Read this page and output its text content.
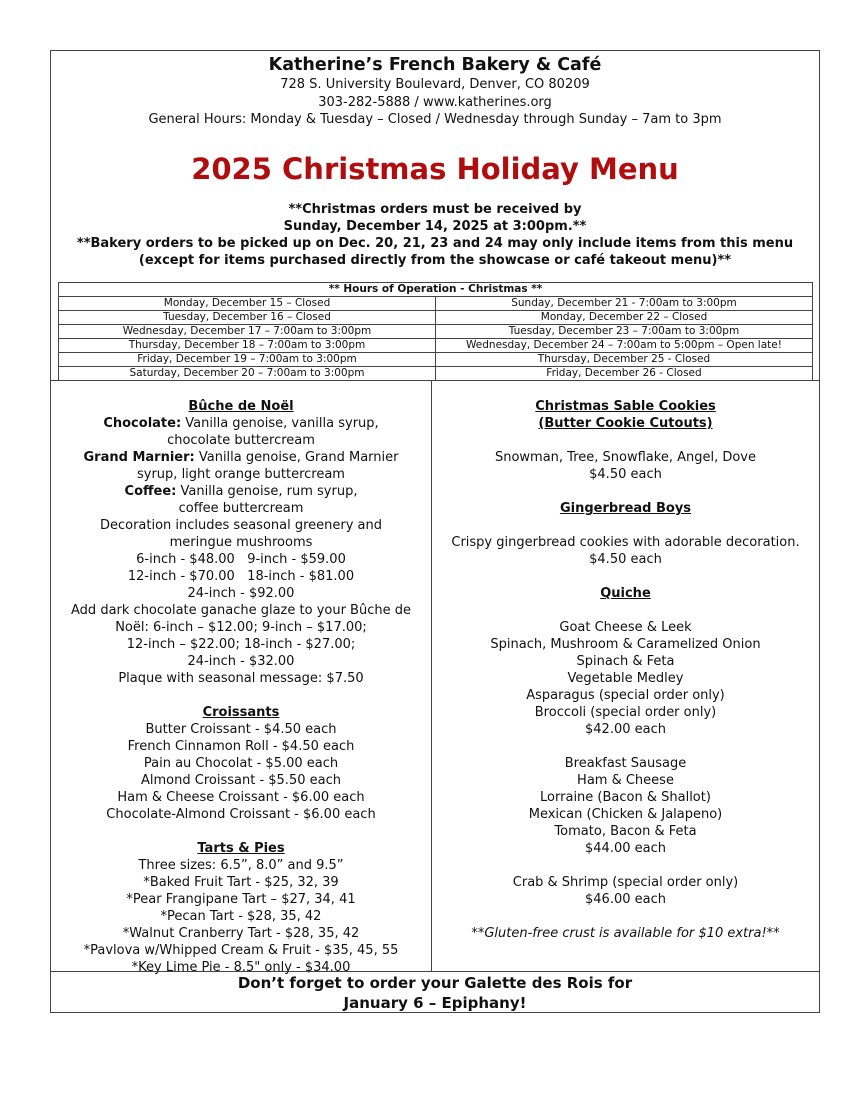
Katherine’s French Bakery & Café
728 S. University Boulevard, Denver, CO 80209
303-282-5888 / www.katherines.org
General Hours: Monday & Tuesday – Closed / Wednesday through Sunday – 7am to 3pm
2025 Christmas Holiday Menu
**Christmas orders must be received by
Sunday, December 14, 2025 at 3:00pm.**
**Bakery orders to be picked up on Dec. 20, 21, 23 and 24 may only include items from this menu (except for items purchased directly from the showcase or café takeout menu)**
** Hours of Operation - Christmas **	
Monday, December 15 – Closed	Sunday, December 21 - 7:00am to 3:00pm
Tuesday, December 16 – Closed	Monday, December 22 – Closed
Wednesday, December 17 – 7:00am to 3:00pm	Tuesday, December 23 – 7:00am to 3:00pm
Thursday, December 18 – 7:00am to 3:00pm	Wednesday, December 24 – 7:00am to 5:00pm – Open late!
Friday, December 19 – 7:00am to 3:00pm	Thursday, December 25 - Closed
Saturday, December 20 – 7:00am to 3:00pm	Friday, December 26 - Closed
Bûche de Noël
Chocolate: Vanilla genoise, vanilla syrup,
chocolate buttercream
Grand Marnier: Vanilla genoise, Grand Marnier
syrup, light orange buttercream
Coffee: Vanilla genoise, rum syrup,
coffee buttercream
Decoration includes seasonal greenery and
meringue mushrooms
6-inch - $48.00   9-inch - $59.00
12-inch - $70.00   18-inch - $81.00
24-inch - $92.00
Add dark chocolate ganache glaze to your Bûche de
Noël: 6-inch – $12.00; 9-inch – $17.00;
12-inch – $22.00; 18-inch - $27.00;
24-inch - $32.00
Plaque with seasonal message: $7.50
Croissants
Butter Croissant - $4.50 each
French Cinnamon Roll - $4.50 each
Pain au Chocolat - $5.00 each
Almond Croissant - $5.50 each
Ham & Cheese Croissant - $6.00 each
Chocolate-Almond Croissant - $6.00 each
Tarts & Pies
Three sizes: 6.5”, 8.0” and 9.5”
*Baked Fruit Tart - $25, 32, 39
*Pear Frangipane Tart – $27, 34, 41
*Pecan Tart - $28, 35, 42
*Walnut Cranberry Tart - $28, 35, 42
*Pavlova w/Whipped Cream & Fruit - $35, 45, 55
*Key Lime Pie - 8.5" only - $34.00
Christmas Sable Cookies
(Butter Cookie Cutouts)
Snowman, Tree, Snowflake, Angel, Dove
$4.50 each
Gingerbread Boys
Crispy gingerbread cookies with adorable decoration.
$4.50 each
Quiche
Goat Cheese & Leek
Spinach, Mushroom & Caramelized Onion
Spinach & Feta
Vegetable Medley
Asparagus (special order only)
Broccoli (special order only)
$42.00 each
Breakfast Sausage
Ham & Cheese
Lorraine (Bacon & Shallot)
Mexican (Chicken & Jalapeno)
Tomato, Bacon & Feta
$44.00 each
Crab & Shrimp (special order only)
$46.00 each
**Gluten-free crust is available for $10 extra!**
Don’t forget to order your Galette des Rois for
January 6 – Epiphany!
